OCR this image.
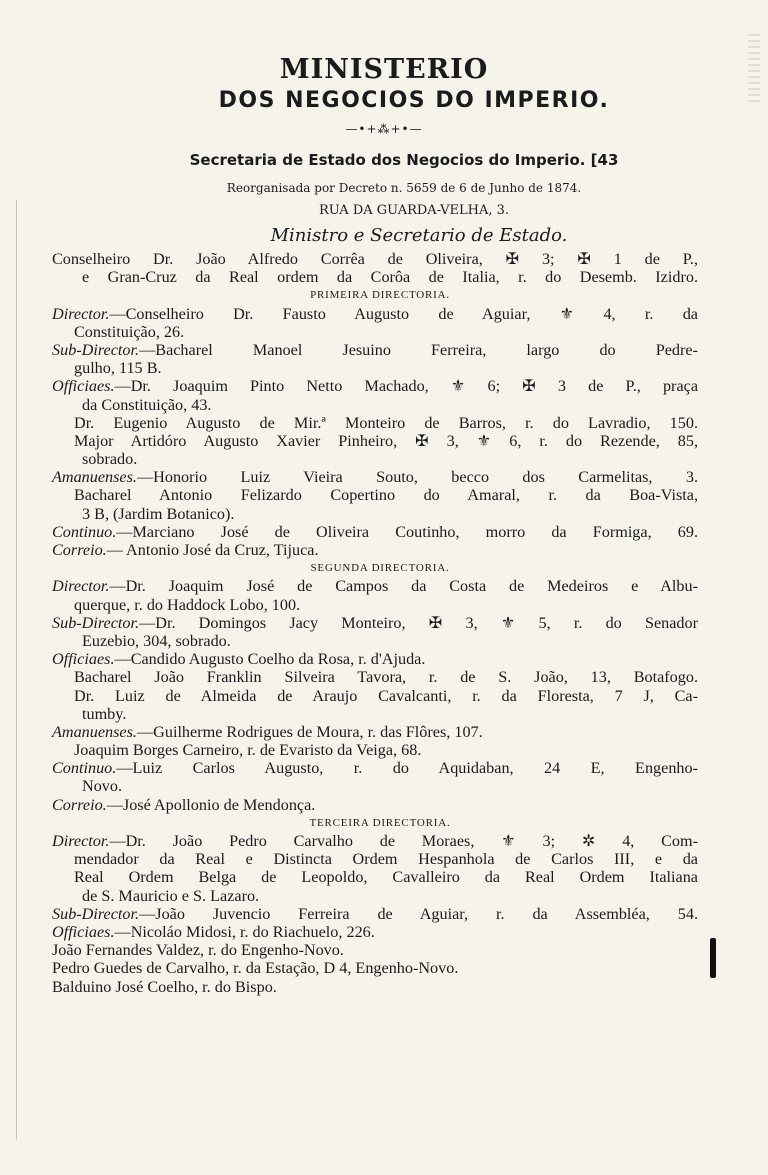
MINISTERIO
DOS NEGOCIOS DO IMPERIO.
—•+⁂+•—
Secretaria de Estado dos Negocios do Imperio. [43
Reorganisada por Decreto n. 5659 de 6 de Junho de 1874.
RUA DA GUARDA-VELHA, 3.
Ministro e Secretario de Estado.
Conselheiro Dr. João Alfredo Corrêa de Oliveira, ✠ 3; ✠ 1 de P.,
e Gran-Cruz da Real ordem da Corôa de Italia, r. do Desemb. Izidro.
PRIMEIRA DIRECTORIA.
Director.—Conselheiro Dr. Fausto Augusto de Aguiar, ⚜ 4, r. da
Constituição, 26.
Sub-Director.—Bacharel Manoel Jesuino Ferreira, largo do Pedre-
gulho, 115 B.
Officiaes.—Dr. Joaquim Pinto Netto Machado, ⚜ 6; ✠ 3 de P., praça
da Constituição, 43.
Dr. Eugenio Augusto de Mir.ª Monteiro de Barros, r. do Lavradio, 150.
Major Artidóro Augusto Xavier Pinheiro, ✠ 3, ⚜ 6, r. do Rezende, 85,
sobrado.
Amanuenses.—Honorio Luiz Vieira Souto, becco dos Carmelitas, 3.
Bacharel Antonio Felizardo Copertino do Amaral, r. da Boa-Vista,
3 B, (Jardim Botanico).
Continuo.—Marciano José de Oliveira Coutinho, morro da Formiga, 69.
Correio.— Antonio José da Cruz, Tijuca.
SEGUNDA DIRECTORIA.
Director.—Dr. Joaquim José de Campos da Costa de Medeiros e Albu-
querque, r. do Haddock Lobo, 100.
Sub-Director.—Dr. Domingos Jacy Monteiro, ✠ 3, ⚜ 5, r. do Senador
Euzebio, 304, sobrado.
Officiaes.—Candido Augusto Coelho da Rosa, r. d'Ajuda.
Bacharel João Franklin Silveira Tavora, r. de S. João, 13, Botafogo.
Dr. Luiz de Almeida de Araujo Cavalcanti, r. da Floresta, 7 J, Ca-
tumby.
Amanuenses.—Guilherme Rodrigues de Moura, r. das Flôres, 107.
Joaquim Borges Carneiro, r. de Evaristo da Veiga, 68.
Continuo.—Luiz Carlos Augusto, r. do Aquidaban, 24 E, Engenho-
Novo.
Correio.—José Apollonio de Mendonça.
TERCEIRA DIRECTORIA.
Director.—Dr. João Pedro Carvalho de Moraes, ⚜ 3; ✲ 4, Com-
mendador da Real e Distincta Ordem Hespanhola de Carlos III, e da
Real Ordem Belga de Leopoldo, Cavalleiro da Real Ordem Italiana
de S. Mauricio e S. Lazaro.
Sub-Director.—João Juvencio Ferreira de Aguiar, r. da Assembléa, 54.
Officiaes.—Nicoláo Midosi, r. do Riachuelo, 226.
João Fernandes Valdez, r. do Engenho-Novo.
Pedro Guedes de Carvalho, r. da Estação, D 4, Engenho-Novo.
Balduino José Coelho, r. do Bispo.
